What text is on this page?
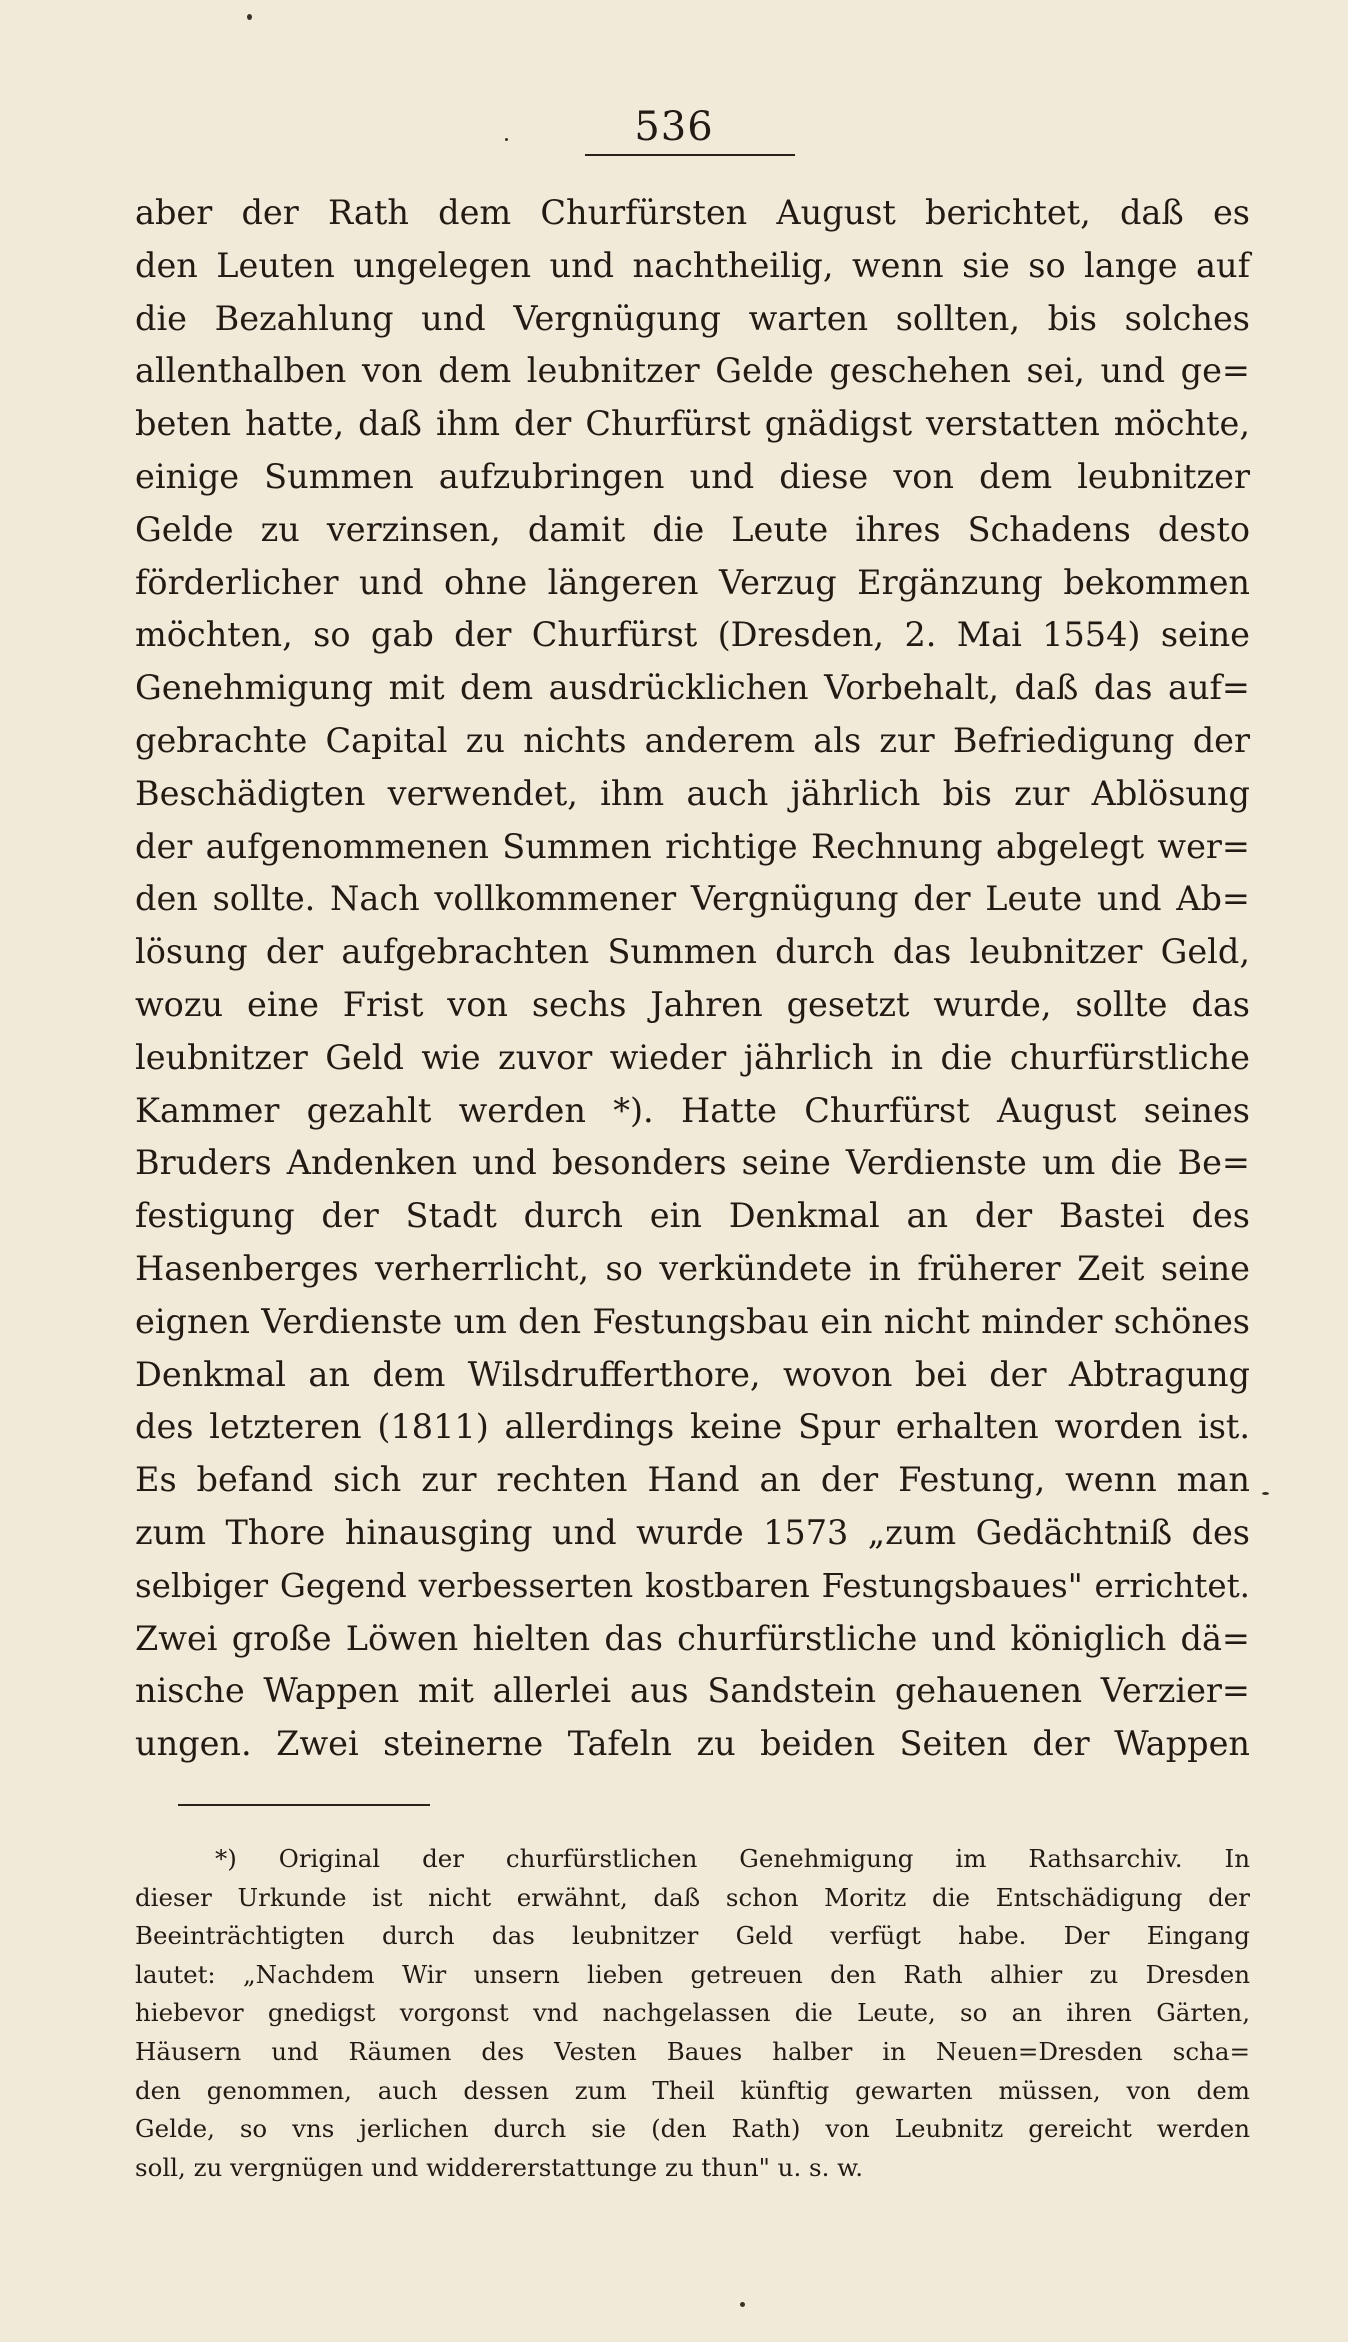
536
aber der Rath dem Churfürsten August berichtet, daß es
den Leuten ungelegen und nachtheilig, wenn sie so lange auf
die Bezahlung und Vergnügung warten sollten, bis solches
allenthalben von dem leubnitzer Gelde geschehen sei, und ge=
beten hatte, daß ihm der Churfürst gnädigst verstatten möchte,
einige Summen aufzubringen und diese von dem leubnitzer
Gelde zu verzinsen, damit die Leute ihres Schadens desto
förderlicher und ohne längeren Verzug Ergänzung bekommen
möchten, so gab der Churfürst (Dresden, 2. Mai 1554) seine
Genehmigung mit dem ausdrücklichen Vorbehalt, daß das auf=
gebrachte Capital zu nichts anderem als zur Befriedigung der
Beschädigten verwendet, ihm auch jährlich bis zur Ablösung
der aufgenommenen Summen richtige Rechnung abgelegt wer=
den sollte. Nach vollkommener Vergnügung der Leute und Ab=
lösung der aufgebrachten Summen durch das leubnitzer Geld,
wozu eine Frist von sechs Jahren gesetzt wurde, sollte das
leubnitzer Geld wie zuvor wieder jährlich in die churfürstliche
Kammer gezahlt werden *). Hatte Churfürst August seines
Bruders Andenken und besonders seine Verdienste um die Be=
festigung der Stadt durch ein Denkmal an der Bastei des
Hasenberges verherrlicht, so verkündete in früherer Zeit seine
eignen Verdienste um den Festungsbau ein nicht minder schönes
Denkmal an dem Wilsdrufferthore, wovon bei der Abtragung
des letzteren (1811) allerdings keine Spur erhalten worden ist.
Es befand sich zur rechten Hand an der Festung, wenn man
zum Thore hinausging und wurde 1573 „zum Gedächtniß des
selbiger Gegend verbesserten kostbaren Festungsbaues" errichtet.
Zwei große Löwen hielten das churfürstliche und königlich dä=
nische Wappen mit allerlei aus Sandstein gehauenen Verzier=
ungen. Zwei steinerne Tafeln zu beiden Seiten der Wappen
*) Original der churfürstlichen Genehmigung im Rathsarchiv. In
dieser Urkunde ist nicht erwähnt, daß schon Moritz die Entschädigung der
Beeinträchtigten durch das leubnitzer Geld verfügt habe. Der Eingang
lautet: „Nachdem Wir unsern lieben getreuen den Rath alhier zu Dresden
hiebevor gnedigst vorgonst vnd nachgelassen die Leute, so an ihren Gärten,
Häusern und Räumen des Vesten Baues halber in Neuen=Dresden scha=
den genommen, auch dessen zum Theil künftig gewarten müssen, von dem
Gelde, so vns jerlichen durch sie (den Rath) von Leubnitz gereicht werden
soll, zu vergnügen und widdererstattunge zu thun" u. s. w.
